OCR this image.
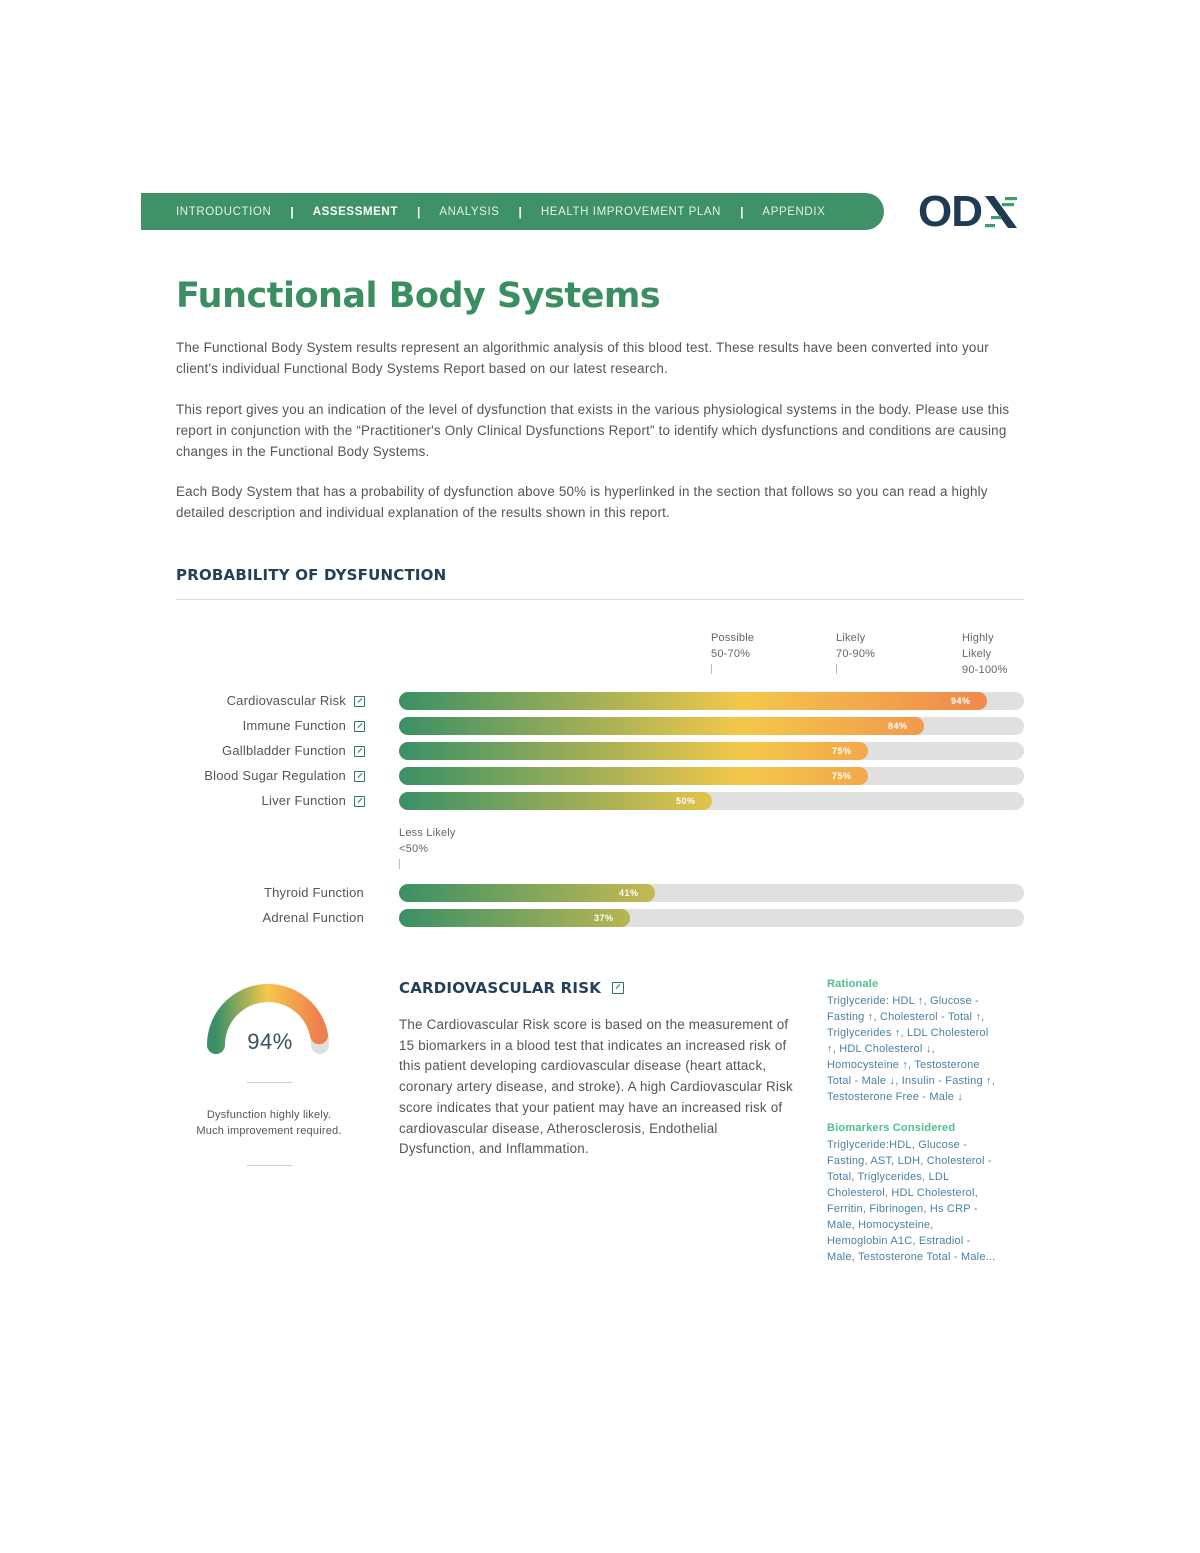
INTRODUCTION | ASSESSMENT | ANALYSIS | HEALTH IMPROVEMENT PLAN | APPENDIX OD
Functional Body Systems

The Functional Body System results represent an algorithmic analysis of this blood test. These results have been converted into your client's individual Functional Body Systems Report based on our latest research.

This report gives you an indication of the level of dysfunction that exists in the various physiological systems in the body. Please use this report in conjunction with the “Practitioner's Only Clinical Dysfunctions Report” to identify which dysfunctions and conditions are causing changes in the Functional Body Systems.

Each Body System that has a probability of dysfunction above 50% is hyperlinked in the section that follows so you can read a highly detailed description and individual explanation of the results shown in this report.

PROBABILITY OF DYSFUNCTION
Possible
50-70%
Likely
70-90%
Highly
Likely
90-100%
Less Likely
<50%
Cardiovascular Risk	94%
Immune Function	84%
Gallbladder Function	75%
Blood Sugar Regulation	75%
Liver Function	50%
Thyroid Function	41%
Adrenal Function	37%
94%
Dysfunction highly likely.
Much improvement required.
CARDIOVASCULAR RISK

The Cardiovascular Risk score is based on the measurement of 15 biomarkers in a blood test that indicates an increased risk of this patient developing cardiovascular disease (heart attack, coronary artery disease, and stroke). A high Cardiovascular Risk score indicates that your patient may have an increased risk of cardiovascular disease, Atherosclerosis, Endothelial Dysfunction, and Inflammation.

Rationale

Triglyceride: HDL ↑, Glucose -
Fasting ↑, Cholesterol - Total ↑,
Triglycerides ↑, LDL Cholesterol
↑, HDL Cholesterol ↓,
Homocysteine ↑, Testosterone
Total - Male ↓, Insulin - Fasting ↑,
Testosterone Free - Male ↓

Biomarkers Considered

Triglyceride:HDL, Glucose -
Fasting, AST, LDH, Cholesterol -
Total, Triglycerides, LDL
Cholesterol, HDL Cholesterol,
Ferritin, Fibrinogen, Hs CRP -
Male, Homocysteine,
Hemoglobin A1C, Estradiol -
Male, Testosterone Total - Male...
